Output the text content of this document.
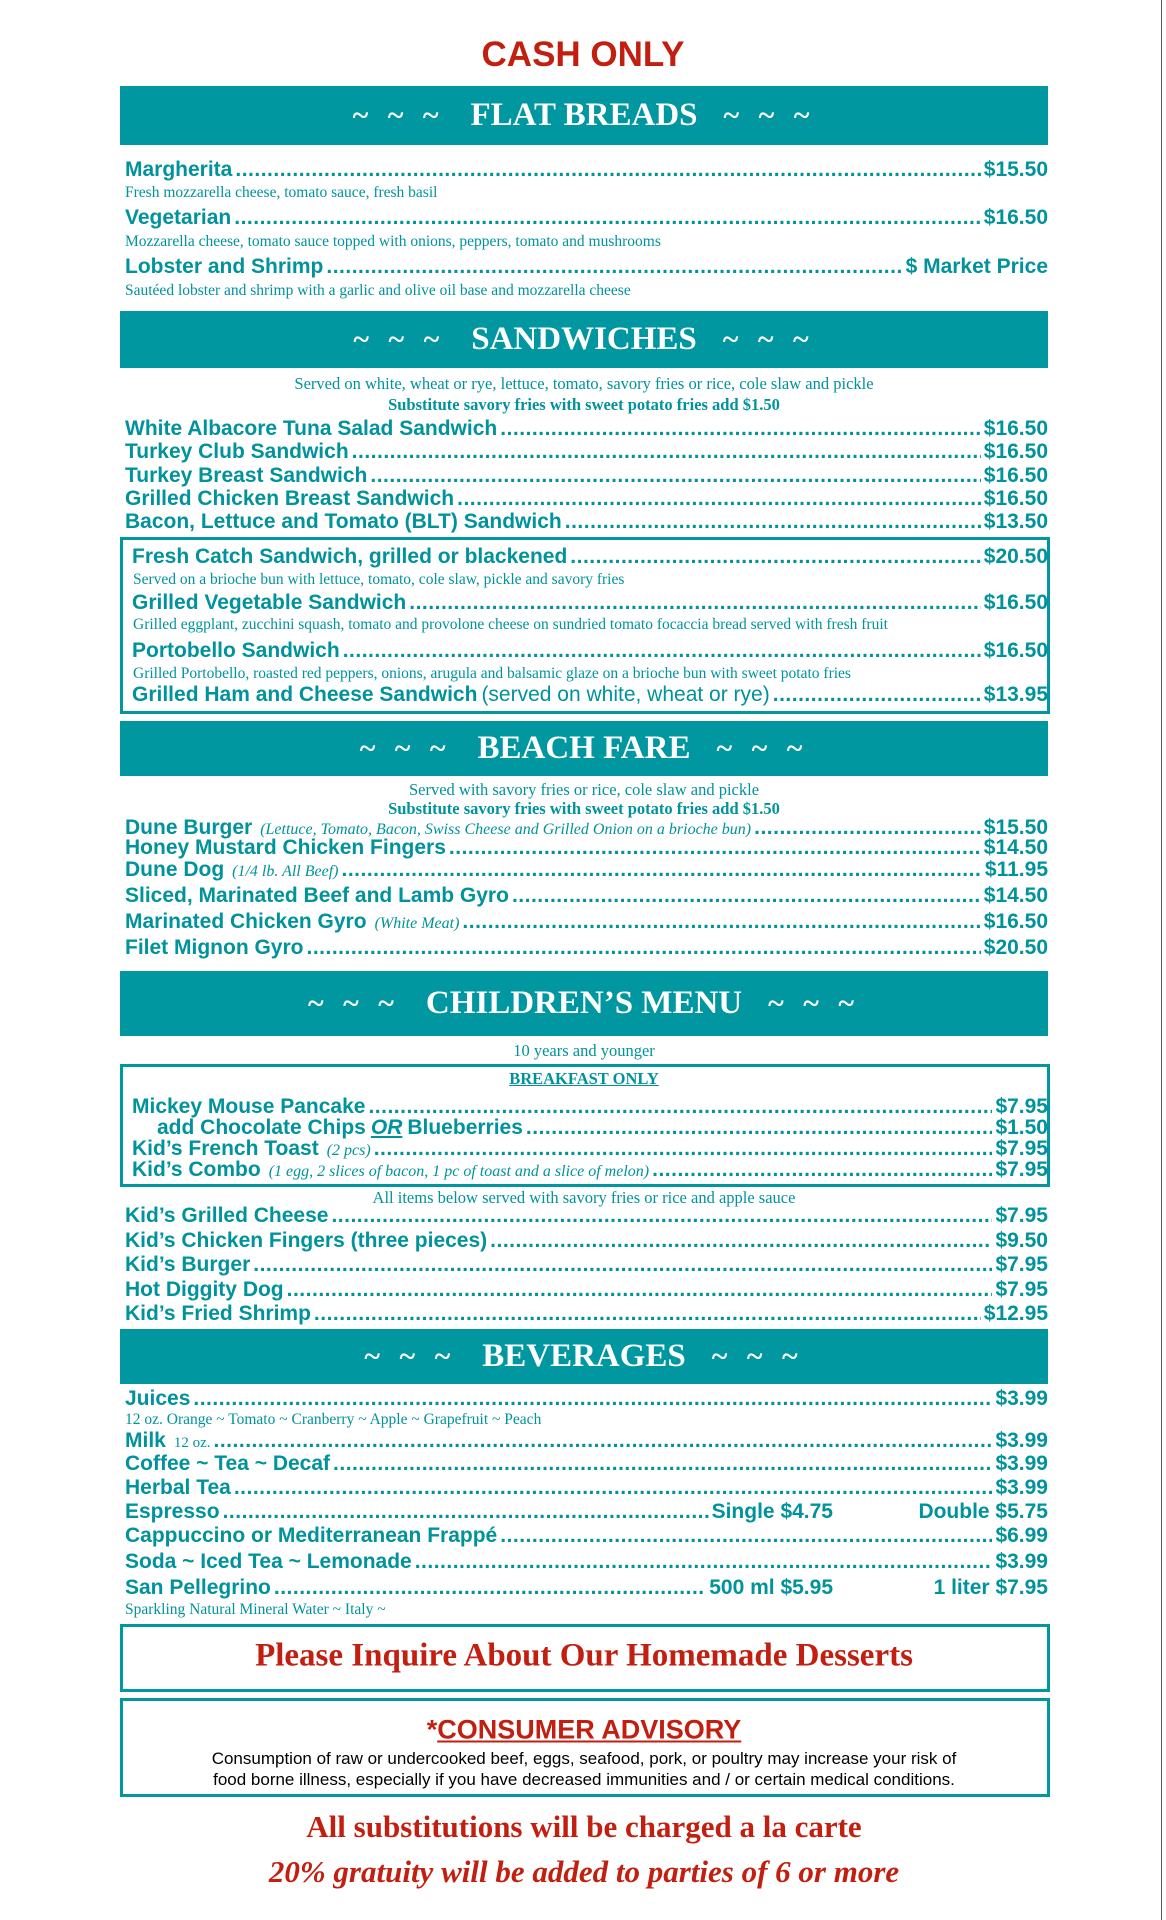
CASH ONLY
~ ~ ~ FLAT BREADS ~ ~ ~
~ ~ ~ SANDWICHES ~ ~ ~
Served on white, wheat or rye, lettuce, tomato, savory fries or rice, cole slaw and pickle
Substitute savory fries with sweet potato fries add $1.50
~ ~ ~ BEACH FARE ~ ~ ~
Served with savory fries or rice, cole slaw and pickle
Substitute savory fries with sweet potato fries add $1.50
~ ~ ~ CHILDREN’S MENU ~ ~ ~
10 years and younger
BREAKFAST ONLY
All items below served with savory fries or rice and apple sauce
~ ~ ~ BEVERAGES ~ ~ ~
Please Inquire About Our Homemade Desserts
*CONSUMER ADVISORY
Consumption of raw or undercooked beef, eggs, seafood, pork, or poultry may increase your risk of
food borne illness, especially if you have decreased immunities and / or certain medical conditions.
All substitutions will be charged a la carte
20% gratuity will be added to parties of 6 or more
Margherita .....	$15.50
Fresh mozzarella cheese, tomato sauce, fresh basil
Vegetarian .....	$16.50
Mozzarella cheese, tomato sauce topped with onions, peppers, tomato and mushrooms
Lobster and Shrimp .....	$ Market Price
Sautéed lobster and shrimp with a garlic and olive oil base and mozzarella cheese
White Albacore Tuna Salad Sandwich .....	$16.50
Turkey Club Sandwich .....	$16.50
Turkey Breast Sandwich .....	$16.50
Grilled Chicken Breast Sandwich .....	$16.50
Bacon, Lettuce and Tomato (BLT) Sandwich .....	$13.50
Fresh Catch Sandwich, grilled or blackened .....	$20.50
Served on a brioche bun with lettuce, tomato, cole slaw, pickle and savory fries
Grilled Vegetable Sandwich .....	$16.50
Grilled eggplant, zucchini squash, tomato and provolone cheese on sundried tomato focaccia bread served with fresh fruit
Portobello Sandwich .....	$16.50
Grilled Portobello, roasted red peppers, onions, arugula and balsamic glaze on a brioche bun with sweet potato fries
Grilled Ham and Cheese Sandwich (served on white, wheat or rye) .....	$13.95
Dune Burger (Lettuce, Tomato, Bacon, Swiss Cheese and Grilled Onion on a brioche bun) .....	$15.50
Honey Mustard Chicken Fingers .....	$14.50
Dune Dog (1/4 lb. All Beef) .....	$11.95
Sliced, Marinated Beef and Lamb Gyro .....	$14.50
Marinated Chicken Gyro (White Meat) .....	$16.50
Filet Mignon Gyro .....	$20.50
Mickey Mouse Pancake .....	$7.95
add Chocolate Chips OR Blueberries .....	$1.50
Kid’s French Toast (2 pcs) .....	$7.95
Kid’s Combo (1 egg, 2 slices of bacon, 1 pc of toast and a slice of melon) .....	$7.95
Kid’s Grilled Cheese .....	$7.95
Kid’s Chicken Fingers (three pieces) .....	$9.50
Kid’s Burger .....	$7.95
Hot Diggity Dog .....	$7.95
Kid’s Fried Shrimp .....	$12.95
Juices .....	$3.99
12 oz. Orange ~ Tomato ~ Cranberry ~ Apple ~ Grapefruit ~ Peach
Milk 12 oz. .....	$3.99
Coffee ~ Tea ~ Decaf .....	$3.99
Herbal Tea .....	$3.99
Espresso .....	Single $4.75	Double $5.75
Cappuccino or Mediterranean Frappé .....	$6.99
Soda ~ Iced Tea ~ Lemonade .....	$3.99
San Pellegrino .....	500 ml $5.95	1 liter $7.95
Sparkling Natural Mineral Water ~ Italy ~
